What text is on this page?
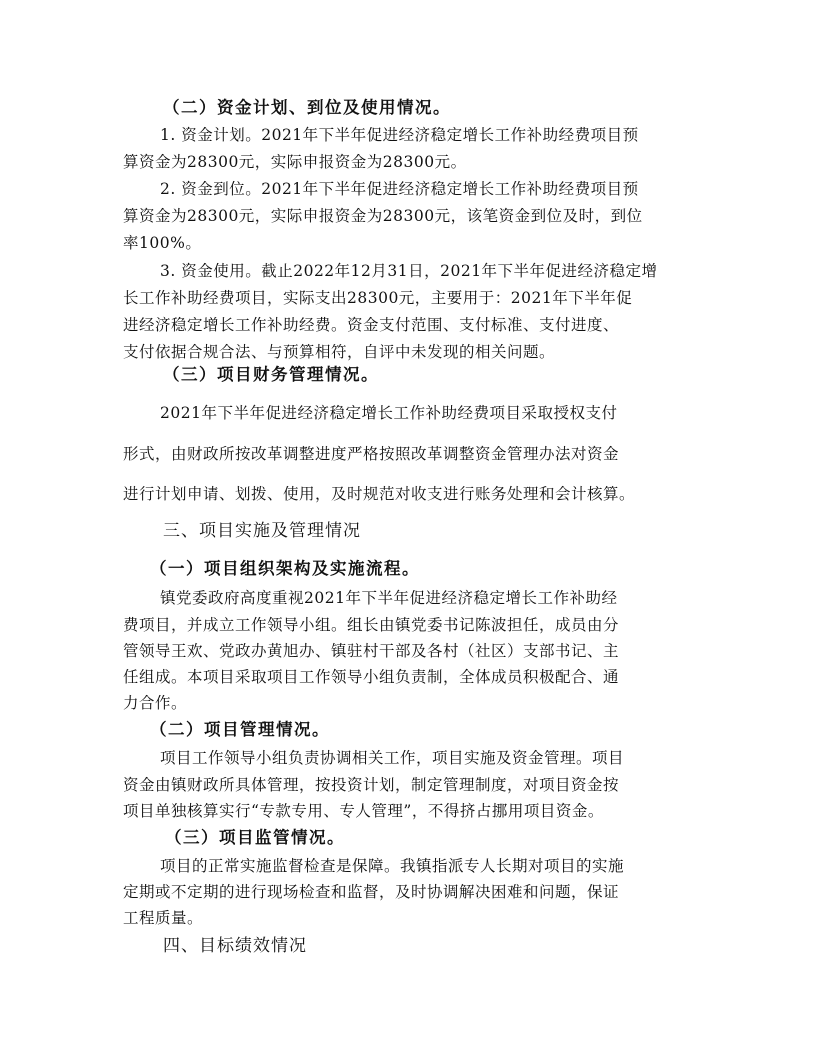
（二）资金计划、到位及使用情况。
1. 资金计划。2021年下半年促进经济稳定增长工作补助经费项目预
算资金为28300元，实际申报资金为28300元。
2. 资金到位。2021年下半年促进经济稳定增长工作补助经费项目预
算资金为28300元，实际申报资金为28300元，该笔资金到位及时，到位
率100%。
3. 资金使用。截止2022年12月31日，2021年下半年促进经济稳定增
长工作补助经费项目，实际支出28300元，主要用于：2021年下半年促
进经济稳定增长工作补助经费。资金支付范围、支付标准、支付进度、
支付依据合规合法、与预算相符，自评中未发现的相关问题。
（三）项目财务管理情况。
2021年下半年促进经济稳定增长工作补助经费项目采取授权支付
形式，由财政所按改革调整进度严格按照改革调整资金管理办法对资金
进行计划申请、划拨、使用，及时规范对收支进行账务处理和会计核算。
三、项目实施及管理情况
（一）项目组织架构及实施流程。
镇党委政府高度重视2021年下半年促进经济稳定增长工作补助经
费项目，并成立工作领导小组。组长由镇党委书记陈波担任，成员由分
管领导王欢、党政办黄旭办、镇驻村干部及各村（社区）支部书记、主
任组成。本项目采取项目工作领导小组负责制，全体成员积极配合、通
力合作。
（二）项目管理情况。
项目工作领导小组负责协调相关工作，项目实施及资金管理。项目
资金由镇财政所具体管理，按投资计划，制定管理制度，对项目资金按
项目单独核算实行“专款专用、专人管理”，不得挤占挪用项目资金。
（三）项目监管情况。
项目的正常实施监督检查是保障。我镇指派专人长期对项目的实施
定期或不定期的进行现场检查和监督，及时协调解决困难和问题，保证
工程质量。
四、目标绩效情况
